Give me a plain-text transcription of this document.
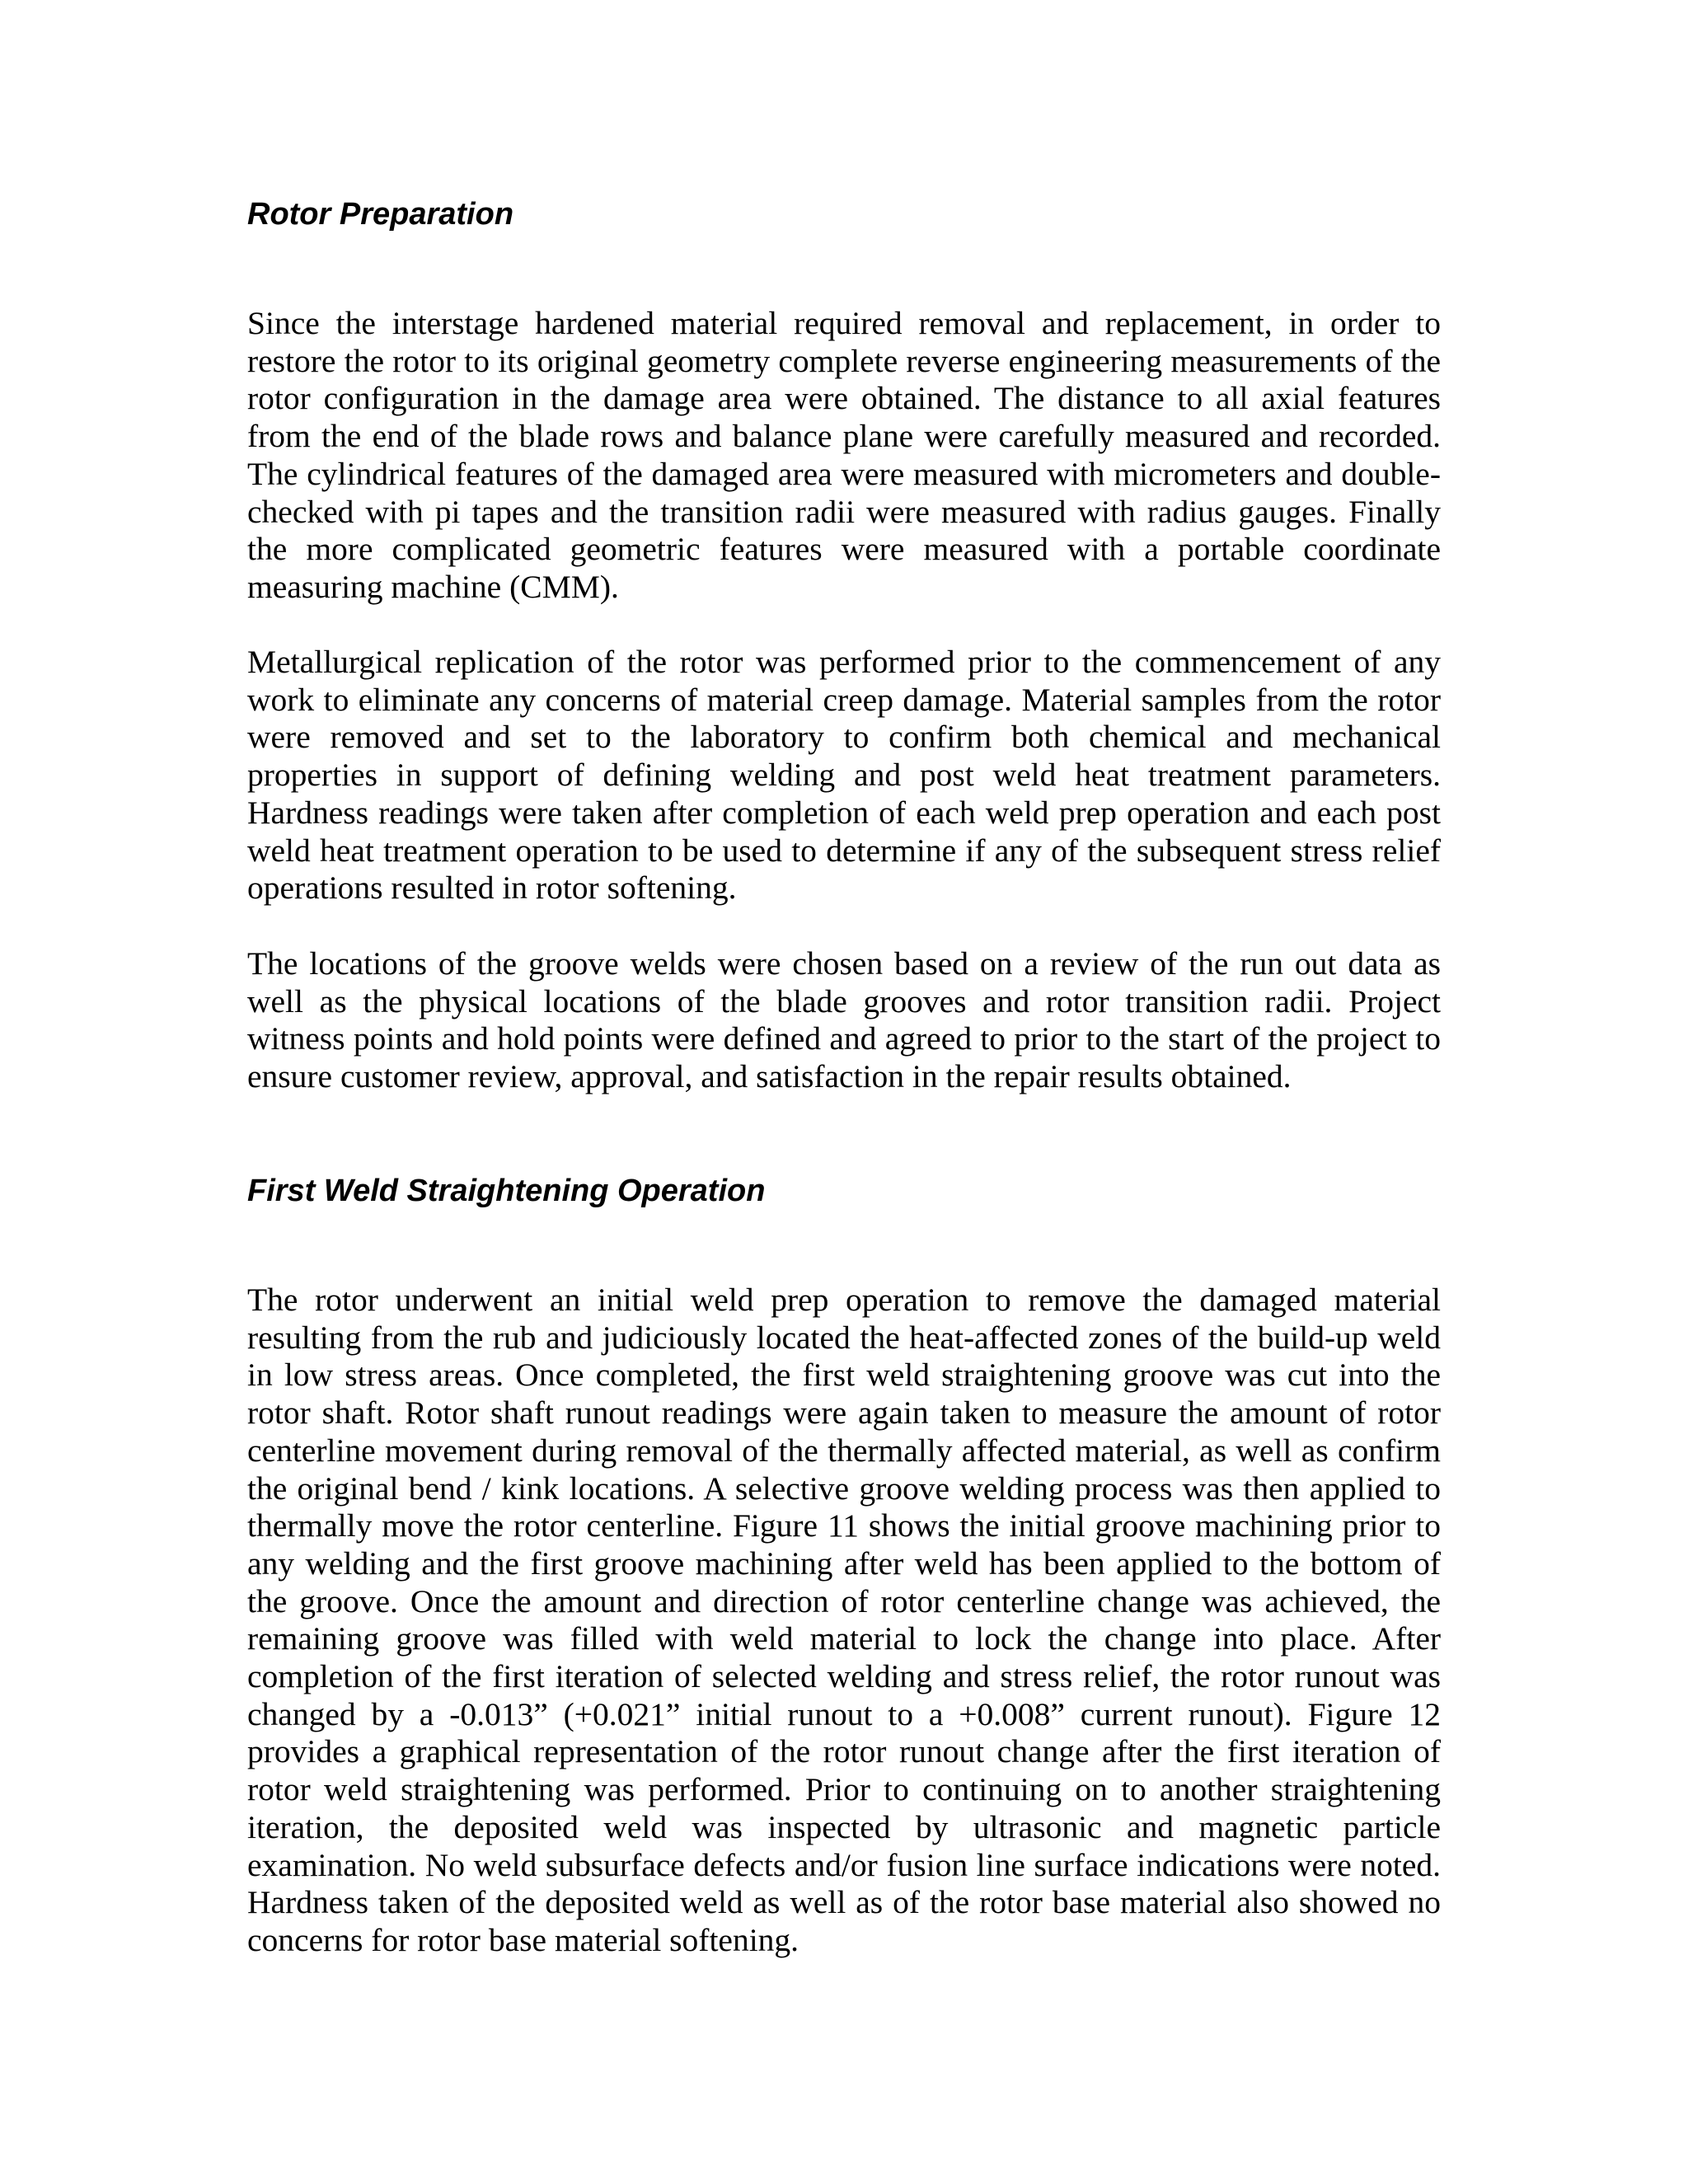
Rotor Preparation

Since the interstage hardened material required removal and replacement, in order to restore the rotor to its original geometry complete reverse engineering measurements of the rotor configuration in the damage area were obtained. The distance to all axial features from the end of the blade rows and balance plane were carefully measured and recorded. The cylindrical features of the damaged area were measured with micrometers and double-checked with pi tapes and the transition radii were measured with radius gauges. Finally the more complicated geometric features were measured with a portable coordinate measuring machine (CMM).

Metallurgical replication of the rotor was performed prior to the commencement of any work to eliminate any concerns of material creep damage. Material samples from the rotor were removed and set to the laboratory to confirm both chemical and mechanical properties in support of defining welding and post weld heat treatment parameters. Hardness readings were taken after completion of each weld prep operation and each post weld heat treatment operation to be used to determine if any of the subsequent stress relief operations resulted in rotor softening.

The locations of the groove welds were chosen based on a review of the run out data as well as the physical locations of the blade grooves and rotor transition radii. Project witness points and hold points were defined and agreed to prior to the start of the project to ensure customer review, approval, and satisfaction in the repair results obtained.

First Weld Straightening Operation

The rotor underwent an initial weld prep operation to remove the damaged material resulting from the rub and judiciously located the heat-affected zones of the build-up weld in low stress areas. Once completed, the first weld straightening groove was cut into the rotor shaft. Rotor shaft runout readings were again taken to measure the amount of rotor centerline movement during removal of the thermally affected material, as well as confirm the original bend / kink locations. A selective groove welding process was then applied to thermally move the rotor centerline. Figure 11 shows the initial groove machining prior to any welding and the first groove machining after weld has been applied to the bottom of the groove. Once the amount and direction of rotor centerline change was achieved, the remaining groove was filled with weld material to lock the change into place. After completion of the first iteration of selected welding and stress relief, the rotor runout was changed by a -0.013” (+0.021” initial runout to a +0.008” current runout). Figure 12 provides a graphical representation of the rotor runout change after the first iteration of rotor weld straightening was performed. Prior to continuing on to another straightening iteration, the deposited weld was inspected by ultrasonic and magnetic particle examination. No weld subsurface defects and/or fusion line surface indications were noted. Hardness taken of the deposited weld as well as of the rotor base material also showed no concerns for rotor base material softening.
